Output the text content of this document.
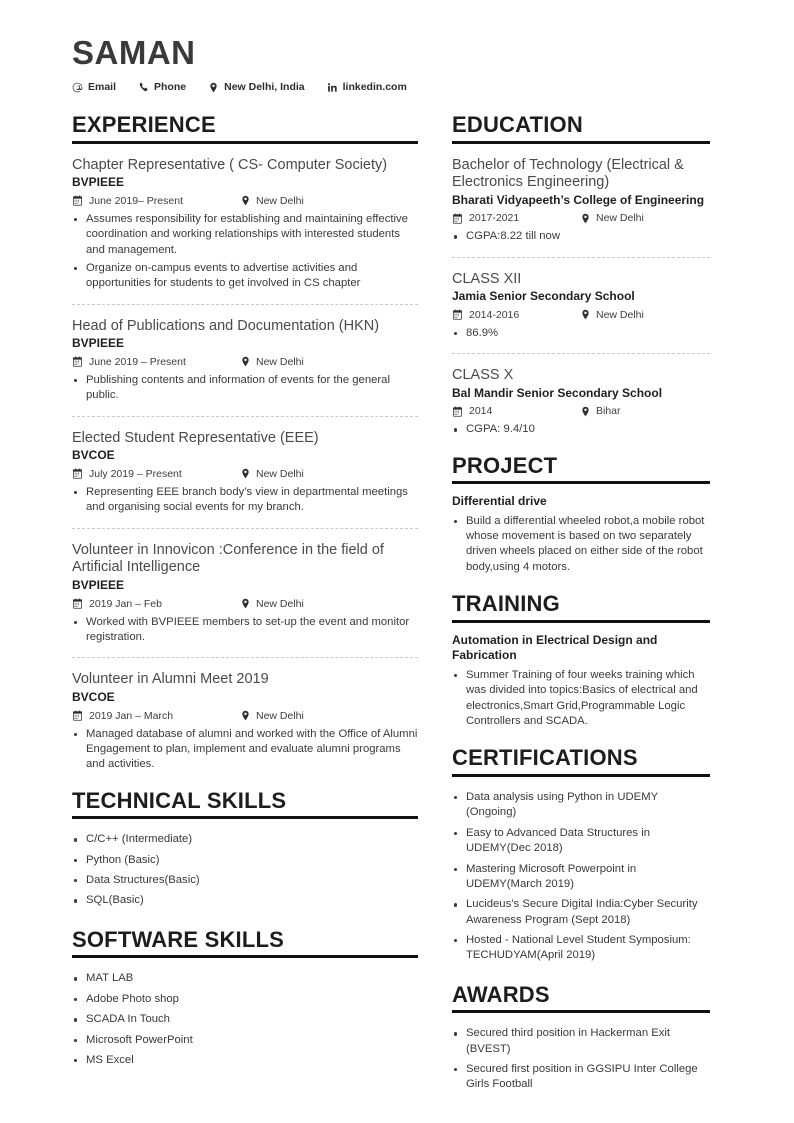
SAMAN
Email	Phone	New Delhi, India	linkedin.com
EXPERIENCE
Chapter Representative ( CS- Computer Society)
BVPIEEE
June 2019– Present	New Delhi
Assumes responsibility for establishing and maintaining effective coordination and working relationships with interested students and management.
Organize on-campus events to advertise activities and opportunities for students to get involved in CS chapter
Head of Publications and Documentation (HKN)
BVPIEEE
June 2019 – Present	New Delhi
Publishing contents and information of events for the general public.
Elected Student Representative (EEE)
BVCOE
July 2019 – Present	New Delhi
Representing EEE branch body’s view in departmental meetings and organising social events for my branch.
Volunteer in Innovicon :Conference in the field of Artificial Intelligence
BVPIEEE
2019 Jan – Feb	New Delhi
Worked with BVPIEEE members to set-up the event and monitor registration.
Volunteer in Alumni Meet 2019
BVCOE
2019 Jan – March	New Delhi
Managed database of alumni and worked with the Office of Alumni Engagement to plan, implement and evaluate alumni programs and activities.
TECHNICAL SKILLS
C/C++ (Intermediate)
Python (Basic)
Data Structures(Basic)
SQL(Basic)
SOFTWARE SKILLS
MAT LAB
Adobe Photo shop
SCADA In Touch
Microsoft PowerPoint
MS Excel
EDUCATION
Bachelor of Technology (Electrical & Electronics Engineering)
Bharati Vidyapeeth’s College of Engineering
2017-2021	New Delhi
CGPA:8.22 till now
CLASS XII
Jamia Senior Secondary School
2014-2016	New Delhi
86.9%
CLASS X
Bal Mandir Senior Secondary School
2014	Bihar
CGPA: 9.4/10
PROJECT
Differential drive
Build a differential wheeled robot,a mobile robot whose movement is based on two separately driven wheels placed on either side of the robot body,using 4 motors.
TRAINING
Automation in Electrical Design and Fabrication
Summer Training of four weeks training which was divided into topics:Basics of electrical and electronics,Smart Grid,Programmable Logic Controllers and SCADA.
CERTIFICATIONS
Data analysis using Python in UDEMY (Ongoing)
Easy to Advanced Data Structures in UDEMY(Dec 2018)
Mastering Microsoft Powerpoint in UDEMY(March 2019)
Lucideus’s Secure Digital India:Cyber Security Awareness Program (Sept 2018)
Hosted - National Level Student Symposium: TECHUDYAM(April 2019)
AWARDS
Secured third position in Hackerman Exit (BVEST)
Secured first position in GGSIPU Inter College Girls Football
